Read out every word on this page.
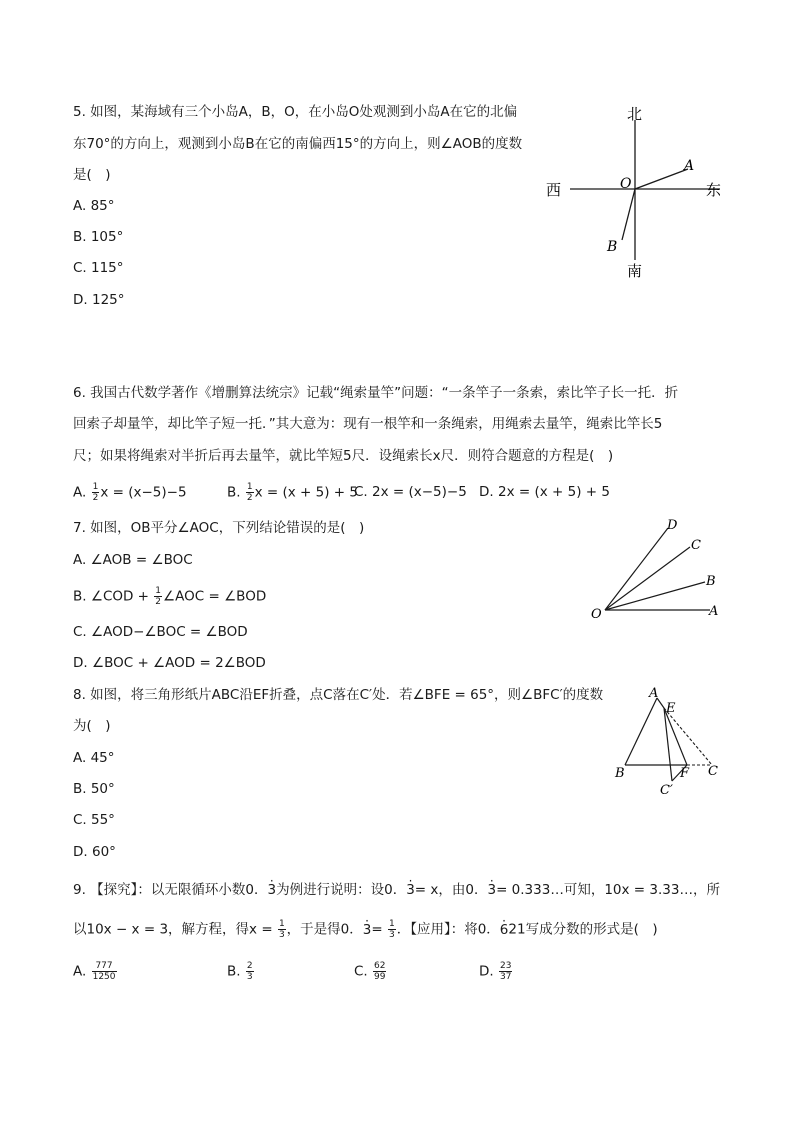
5. 如图，某海域有三个小岛A，B，O，在小岛O处观测到小岛A在它的北偏
东70°的方向上，观测到小岛B在它的南偏西15°的方向上，则∠AOB的度数
是(　)
A. 85°
B. 105°
C. 115°
D. 125°
北
南
西	东
O
A
B
6. 我国古代数学著作《增删算法统宗》记载“绳索量竿”问题：“一条竿子一条索，索比竿子长一托．折
回索子却量竿，却比竿子短一托．”其大意为：现有一根竿和一条绳索，用绳索去量竿，绳索比竿长5
尺；如果将绳索对半折后再去量竿，就比竿短5尺．设绳索长x尺．则符合题意的方程是(　)
A. $\frac{1}{2}$ x = (x−5)−5	B. $\frac{1}{2}$ x = (x + 5) + 5
C. 2x = (x−5)−5 D. 2x = (x + 5) + 5
7. 如图，OB平分∠AOC，下列结论错误的是(　)
A. ∠AOB = ∠BOC
B. ∠COD + $\frac{1}{2}$ ∠AOC = ∠BOD
C. ∠AOD−∠BOC = ∠BOD
D. ∠BOC + ∠AOD = 2∠BOD
O	A
B
C
D
8. 如图，将三角形纸片ABC沿EF折叠，点C落在C′处．若∠BFE = 65°，则∠BFC′的度数
为(　)
A. 45°
B. 50°
C. 55°
D. 60°
A
E
B	F C
C′
9. 【探究】：以无限循环小数0．· 3为例进行说明：设0．· 3= x，由0．· 3= 0.333…可知，10x = 3.33…，所
以10x − x = 3，解方程，得$x = \frac{1}{3}$ ，于是得0．· $3= \frac{1}{3}$ ．【应用】：将0．· 621写成分数的形式是(　)
A. $\frac{777}{1250}$	B. $\frac{2}{3}$	C. $\frac{62}{99}$	D. $\frac{23}{37}$
